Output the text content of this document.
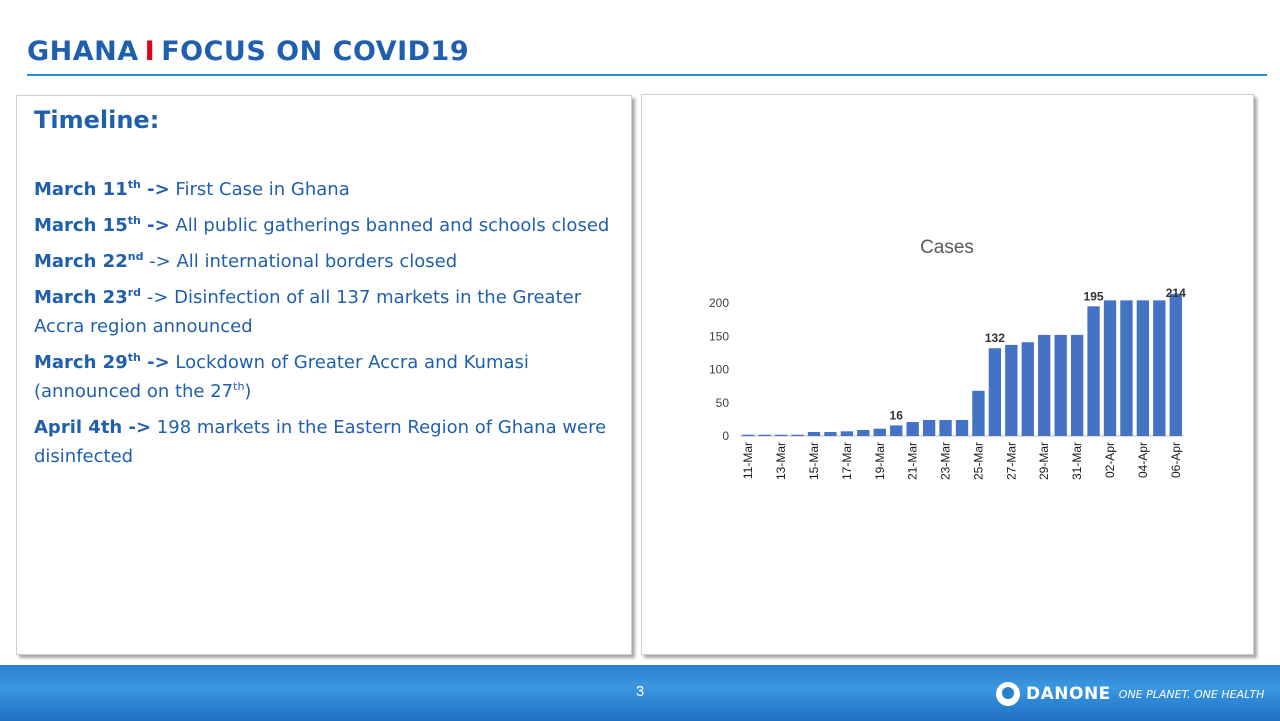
GHANA I FOCUS ON COVID19
Timeline:
March 11th -> First Case in Ghana
March 15th -> All public gatherings banned and schools closed
March 22nd -> All international borders closed
March 23rd -> Disinfection of all 137 markets in the Greater Accra region announced
March 29th -> Lockdown of Greater Accra and Kumasi (announced on the 27th)
April 4th -> 198 markets in the Eastern Region of Ghana were disinfected
Cases
0
50
100
150
200
11-Mar 13-Mar 15-Mar 17-Mar 19-Mar 21-Mar 23-Mar 25-Mar 27-Mar 29-Mar 31-Mar 02-Apr 04-Apr 06-Apr
16
132
195	214
3	DANONE ONE PLANET. ONE HEALTH
